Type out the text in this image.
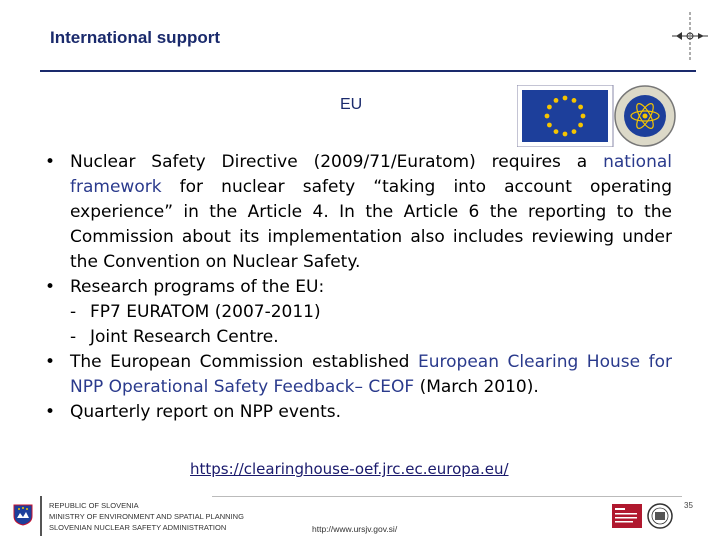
International support
EU
• Nuclear Safety Directive (2009/71/Euratom) requires a national framework for nuclear safety “taking into account operating experience” in the Article 4. In the Article 6 the reporting to the Commission about its implementation also includes reviewing under the Convention on Nuclear Safety.
• Research programs of the EU:
- FP7 EURATOM (2007-2011)
- Joint Research Centre.
• The European Commission established European Clearing House for NPP Operational Safety Feedback– CEOF (March 2010).
• Quarterly report on NPP events.
https://clearinghouse-oef.jrc.ec.europa.eu/
REPUBLIC OF SLOVENIA
MINISTRY OF ENVIRONMENT AND SPATIAL PLANNING
SLOVENIAN NUCLEAR SAFETY ADMINISTRATION	http://www.ursjv.gov.si/
35
